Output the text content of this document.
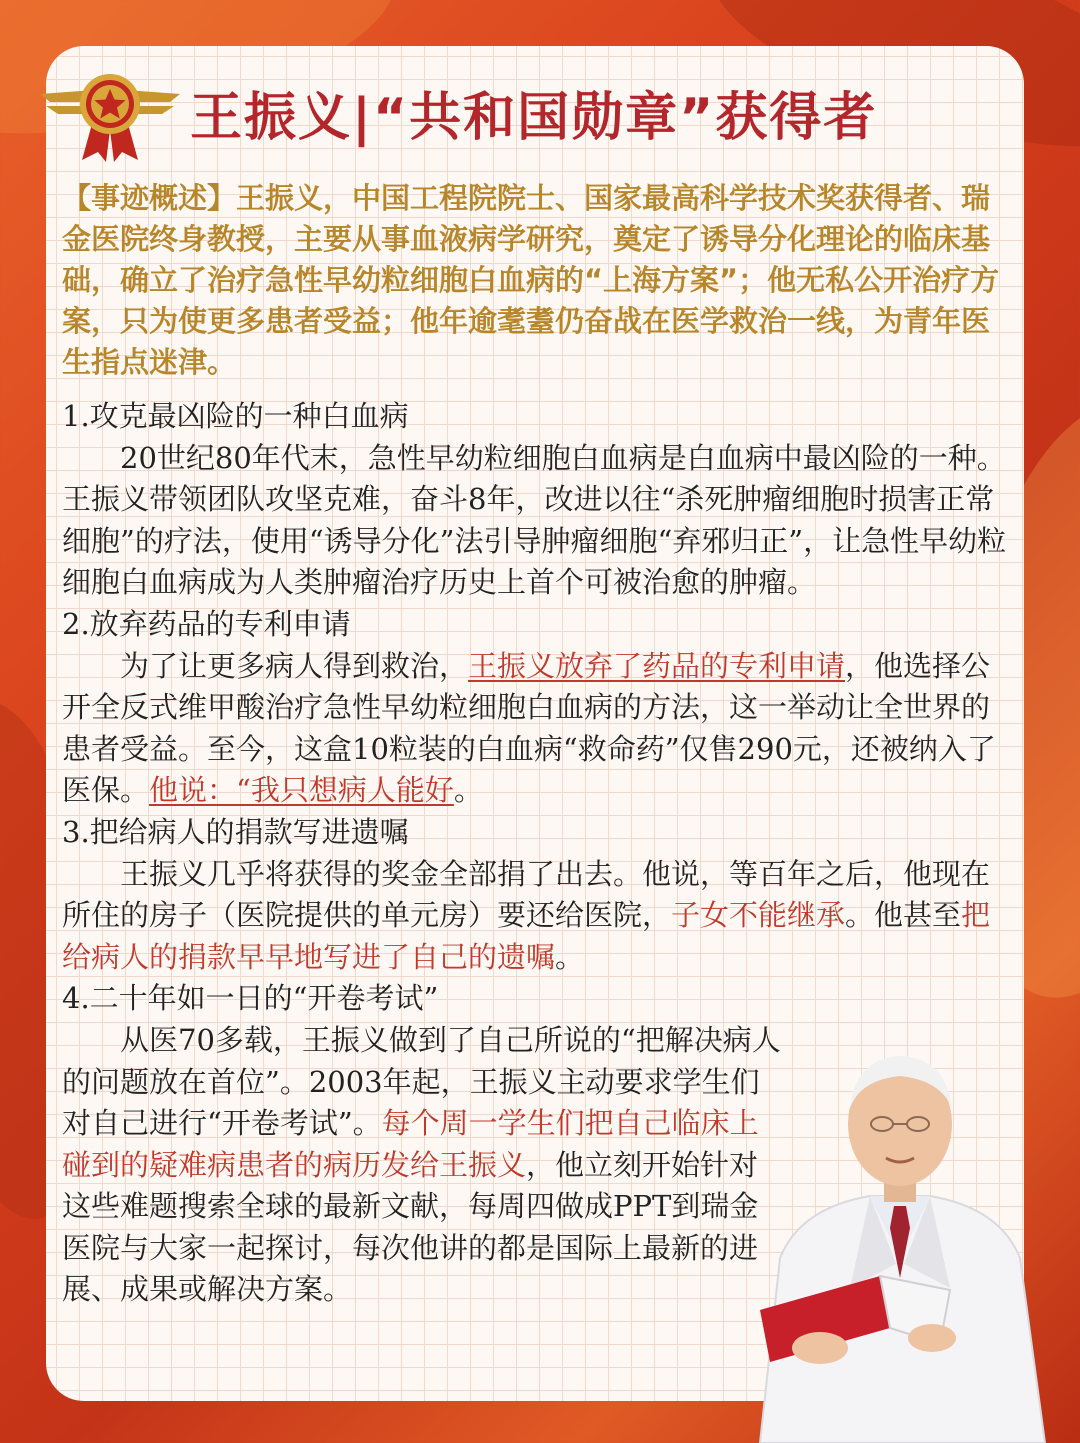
王振义|“共和国勋章”获得者

【事迹概述】王振义，中国工程院院士、国家最高科学技术奖获得者、瑞金医院终身教授，主要从事血液病学研究，奠定了诱导分化理论的临床基础，确立了治疗急性早幼粒细胞白血病的“上海方案”；他无私公开治疗方案，只为使更多患者受益；他年逾耄耋仍奋战在医学救治一线，为青年医生指点迷津。

1.攻克最凶险的一种白血病

20世纪80年代末，急性早幼粒细胞白血病是白血病中最凶险的一种。王振义带领团队攻坚克难，奋斗8年，改进以往“杀死肿瘤细胞时损害正常细胞”的疗法，使用“诱导分化”法引导肿瘤细胞“弃邪归正”，让急性早幼粒细胞白血病成为人类肿瘤治疗历史上首个可被治愈的肿瘤。

2.放弃药品的专利申请

为了让更多病人得到救治，王振义放弃了药品的专利申请，他选择公开全反式维甲酸治疗急性早幼粒细胞白血病的方法，这一举动让全世界的患者受益。至今，这盒10粒装的白血病“救命药”仅售290元，还被纳入了医保。他说：“我只想病人能好。

3.把给病人的捐款写进遗嘱

王振义几乎将获得的奖金全部捐了出去。他说，等百年之后，他现在所住的房子（医院提供的单元房）要还给医院，子女不能继承。他甚至把给病人的捐款早早地写进了自己的遗嘱。

4.二十年如一日的“开卷考试”

从医70多载，王振义做到了自己所说的“把解决病人的问题放在首位”。2003年起，王振义主动要求学生们对自己进行“开卷考试”。每个周一学生们把自己临床上碰到的疑难病患者的病历发给王振义，他立刻开始针对这些难题搜索全球的最新文献，每周四做成PPT到瑞金医院与大家一起探讨，每次他讲的都是国际上最新的进展、成果或解决方案。
